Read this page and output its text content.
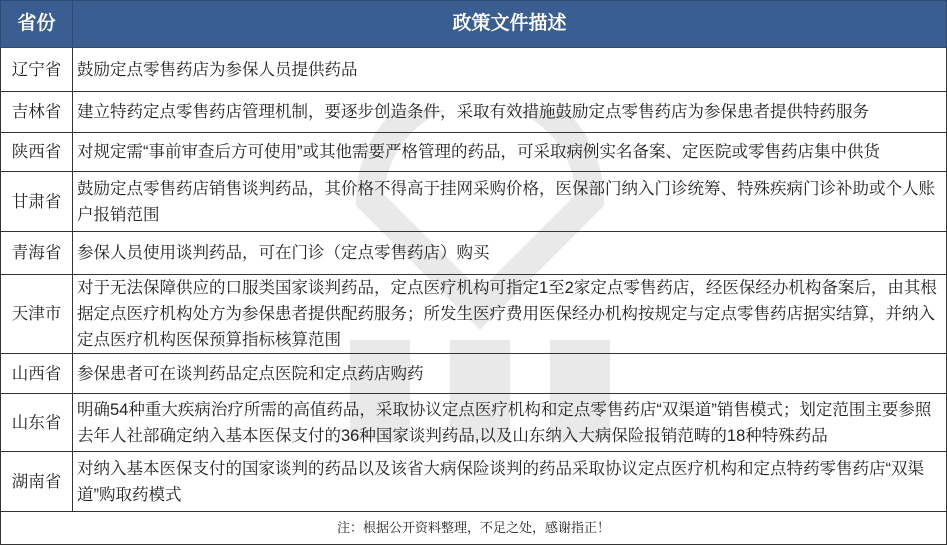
省份	政策文件描述
辽宁省	鼓励定点零售药店为参保人员提供药品
吉林省	建立特药定点零售药店管理机制，要逐步创造条件，采取有效措施鼓励定点零售药店为参保患者提供特药服务
陕西省	对规定需“事前审查后方可使用”或其他需要严格管理的药品，可采取病例实名备案、定医院或零售药店集中供货
甘肃省	鼓励定点零售药店销售谈判药品，其价格不得高于挂网采购价格，医保部门纳入门诊统筹、特殊疾病门诊补助或个人账户报销范围
青海省	参保人员使用谈判药品，可在门诊（定点零售药店）购买
天津市	对于无法保障供应的口服类国家谈判药品，定点医疗机构可指定1至2家定点零售药店，经医保经办机构备案后，由其根据定点医疗机构处方为参保患者提供配药服务；所发生医疗费用医保经办机构按规定与定点零售药店据实结算，并纳入定点医疗机构医保预算指标核算范围
山西省	参保患者可在谈判药品定点医院和定点药店购药
山东省	明确54种重大疾病治疗所需的高值药品，采取协议定点医疗机构和定点零售药店“双渠道”销售模式；划定范围主要参照去年人社部确定纳入基本医保支付的36种国家谈判药品,以及山东纳入大病保险报销范畴的18种特殊药品
湖南省	对纳入基本医保支付的国家谈判的药品以及该省大病保险谈判的药品采取协议定点医疗机构和定点特药零售药店“双渠道”购取药模式
注：根据公开资料整理，不足之处，感谢指正！	
